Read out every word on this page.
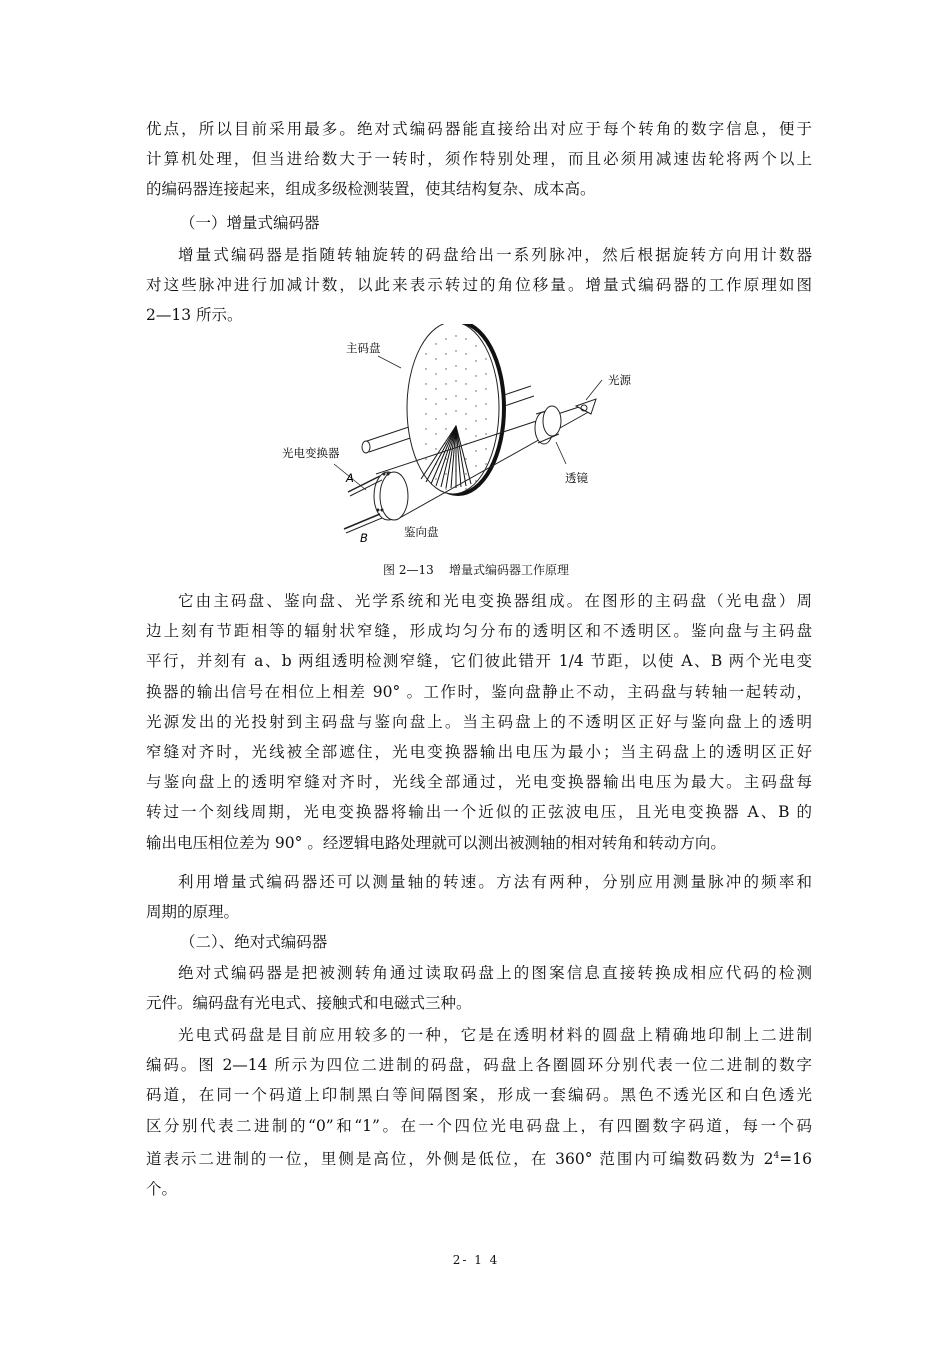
优点，所以目前采用最多。绝对式编码器能直接给出对应于每个转角的数字信息，便于
计算机处理，但当进给数大于一转时，须作特别处理，而且必须用减速齿轮将两个以上
的编码器连接起来，组成多级检测装置，使其结构复杂、成本高。

（一）增量式编码器

增量式编码器是指随转轴旋转的码盘给出一系列脉冲，然后根据旋转方向用计数器
对这些脉冲进行加减计数，以此来表示转过的角位移量。增量式编码器的工作原理如图
2—13 所示。
主码盘
光源
光电变换器
透镜
A
B	鉴向盘
图 2—13    增量式编码器工作原理
它由主码盘、鉴向盘、光学系统和光电变换器组成。在图形的主码盘（光电盘）周
边上刻有节距相等的辐射状窄缝，形成均匀分布的透明区和不透明区。鉴向盘与主码盘
平行，并刻有 a、b 两组透明检测窄缝，它们彼此错开 1/4 节距，以使 A、B 两个光电变
换器的输出信号在相位上相差 90° 。工作时，鉴向盘静止不动，主码盘与转轴一起转动，
光源发出的光投射到主码盘与鉴向盘上。当主码盘上的不透明区正好与鉴向盘上的透明
窄缝对齐时，光线被全部遮住，光电变换器输出电压为最小；当主码盘上的透明区正好
与鉴向盘上的透明窄缝对齐时，光线全部通过，光电变换器输出电压为最大。主码盘每
转过一个刻线周期，光电变换器将输出一个近似的正弦波电压，且光电变换器 A、B 的
输出电压相位差为 90° 。经逻辑电路处理就可以测出被测轴的相对转角和转动方向。
利用增量式编码器还可以测量轴的转速。方法有两种，分别应用测量脉冲的频率和
周期的原理。

（二）、绝对式编码器

绝对式编码器是把被测转角通过读取码盘上的图案信息直接转换成相应代码的检测
元件。编码盘有光电式、接触式和电磁式三种。
光电式码盘是目前应用较多的一种，它是在透明材料的圆盘上精确地印制上二进制
编码。图 2—14 所示为四位二进制的码盘，码盘上各圈圆环分别代表一位二进制的数字
码道，在同一个码道上印制黑白等间隔图案，形成一套编码。黑色不透光区和白色透光
区分别代表二进制的“0”和“1”。在一个四位光电码盘上，有四圈数字码道，每一个码
道表示二进制的一位，里侧是高位，外侧是低位，在 360° 范围内可编数码数为 $2^4=16$
个。
2- 1 4
